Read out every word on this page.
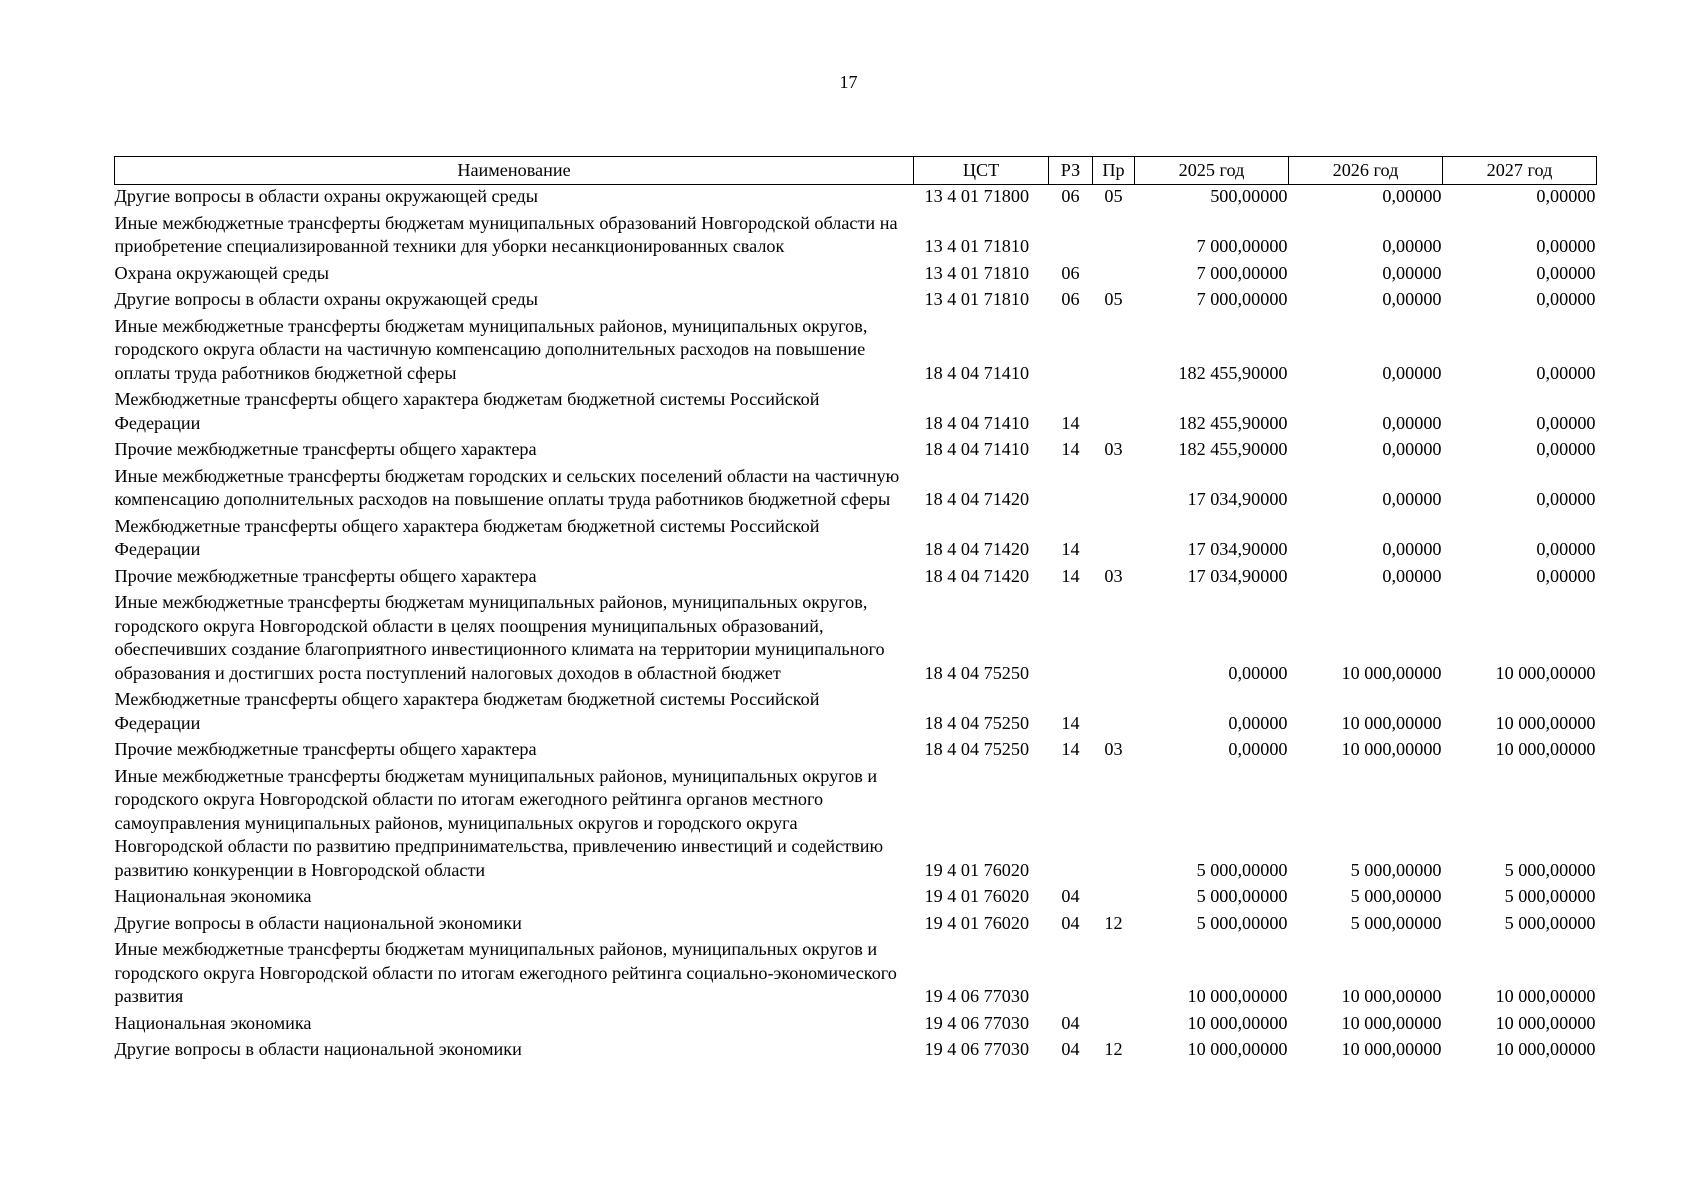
17
Наименование	ЦСТ	РЗ	Пр	2025 год	2026 год	2027 год
Другие вопросы в области охраны окружающей среды	13 4 01 71800	06	05	500,00000	0,00000	0,00000
Иные межбюджетные трансферты бюджетам муниципальных образований Новгородской области на приобретение специализированной техники для уборки несанкционированных свалок	13 4 01 71810			7 000,00000	0,00000	0,00000
Охрана окружающей среды	13 4 01 71810	06		7 000,00000	0,00000	0,00000
Другие вопросы в области охраны окружающей среды	13 4 01 71810	06	05	7 000,00000	0,00000	0,00000
Иные межбюджетные трансферты бюджетам муниципальных районов, муниципальных округов, городского округа области на частичную компенсацию дополнительных расходов на повышение оплаты труда работников бюджетной сферы	18 4 04 71410			182 455,90000	0,00000	0,00000
Межбюджетные трансферты общего характера бюджетам бюджетной системы Российской Федерации	18 4 04 71410	14		182 455,90000	0,00000	0,00000
Прочие межбюджетные трансферты общего характера	18 4 04 71410	14	03	182 455,90000	0,00000	0,00000
Иные межбюджетные трансферты бюджетам городских и сельских поселений области на частичную компенсацию дополнительных расходов на повышение оплаты труда работников бюджетной сферы	18 4 04 71420			17 034,90000	0,00000	0,00000
Межбюджетные трансферты общего характера бюджетам бюджетной системы Российской Федерации	18 4 04 71420	14		17 034,90000	0,00000	0,00000
Прочие межбюджетные трансферты общего характера	18 4 04 71420	14	03	17 034,90000	0,00000	0,00000
Иные межбюджетные трансферты бюджетам муниципальных районов, муниципальных округов, городского округа Новгородской области в целях поощрения муниципальных образований, обеспечивших создание благоприятного инвестиционного климата на территории муниципального образования и достигших роста поступлений налоговых доходов в областной бюджет	18 4 04 75250			0,00000	10 000,00000	10 000,00000
Межбюджетные трансферты общего характера бюджетам бюджетной системы Российской Федерации	18 4 04 75250	14		0,00000	10 000,00000	10 000,00000
Прочие межбюджетные трансферты общего характера	18 4 04 75250	14	03	0,00000	10 000,00000	10 000,00000
Иные межбюджетные трансферты бюджетам муниципальных районов, муниципальных округов и городского округа Новгородской области по итогам ежегодного рейтинга органов местного самоуправления муниципальных районов, муниципальных округов и городского округа Новгородской области по развитию предпринимательства, привлечению инвестиций и содействию развитию конкуренции в Новгородской области	19 4 01 76020			5 000,00000	5 000,00000	5 000,00000
Национальная экономика	19 4 01 76020	04		5 000,00000	5 000,00000	5 000,00000
Другие вопросы в области национальной экономики	19 4 01 76020	04	12	5 000,00000	5 000,00000	5 000,00000
Иные межбюджетные трансферты бюджетам муниципальных районов, муниципальных округов и городского округа Новгородской области по итогам ежегодного рейтинга социально-экономического развития	19 4 06 77030			10 000,00000	10 000,00000	10 000,00000
Национальная экономика	19 4 06 77030	04		10 000,00000	10 000,00000	10 000,00000
Другие вопросы в области национальной экономики	19 4 06 77030	04	12	10 000,00000	10 000,00000	10 000,00000
